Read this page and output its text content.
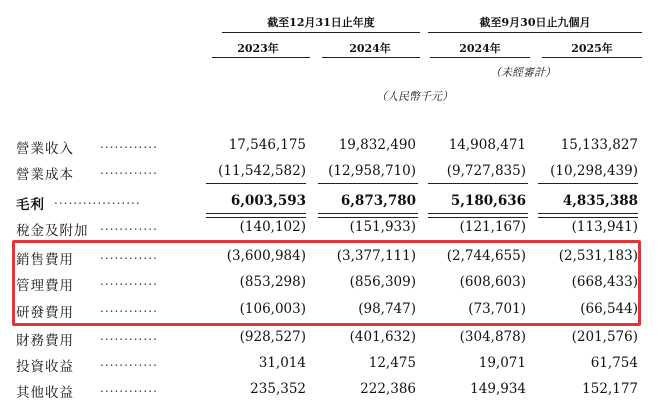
截至12月31日止年度	截至9月30日止九個月
2023年	2024年	2024年	2025年
（未經審計）
（人民幣千元）
營業收入 ............	17,546,175	19,832,490	14,908,471	15,133,827
營業成本 ............	(11,542,582)	(12,958,710)	(9,727,835)	(10,298,439)
毛利 ..................	6,003,593	6,873,780	5,180,636	4,835,388
稅金及附加 ............	(140,102)	(151,933)	(121,167)	(113,941)
銷售費用 ............	(3,600,984)	(3,377,111)	(2,744,655)	(2,531,183)
管理費用 ............	(853,298)	(856,309)	(608,603)	(668,433)
研發費用 ............	(106,003)	(98,747)	(73,701)	(66,544)
財務費用 ............	(928,527)	(401,632)	(304,878)	(201,576)
投資收益 ............	31,014	12,475	19,071	61,754
其他收益 ............	235,352	222,386	149,934	152,177
